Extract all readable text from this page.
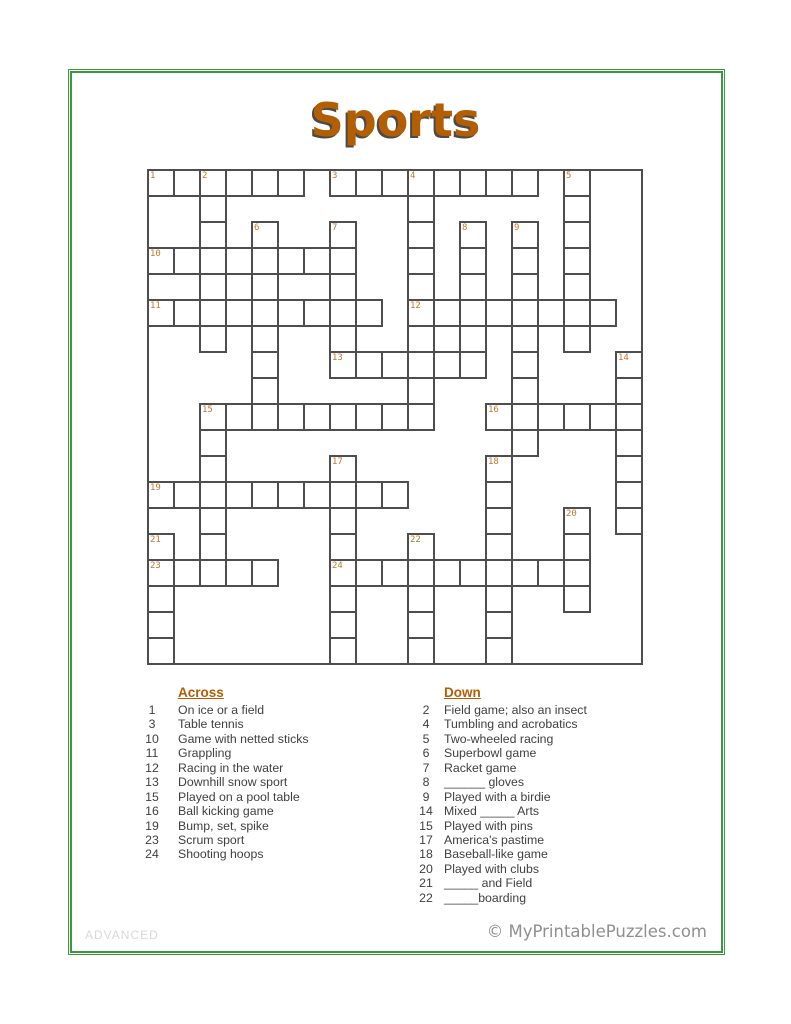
Sports
1	2	3	4	5
6	7	8	9
10
11	12
13	14
15	16
17	18
19
20
21	22
23	24
Across
1	On ice or a field
3	Table tennis
10	Game with netted sticks
11	Grappling
12	Racing in the water
13	Downhill snow sport
15	Played on a pool table
16	Ball kicking game
19	Bump, set, spike
23	Scrum sport
24	Shooting hoops
Down
2	Field game; also an insect
4	Tumbling and acrobatics
5	Two-wheeled racing
6	Superbowl game
7	Racket game
8	______ gloves
9	Played with a birdie
14 Mixed _____ Arts
15 Played with pins
17 America's pastime
18 Baseball-like game
20 Played with clubs
21 _____ and Field
22 _____boarding
ADVANCED	© MyPrintablePuzzles.com
